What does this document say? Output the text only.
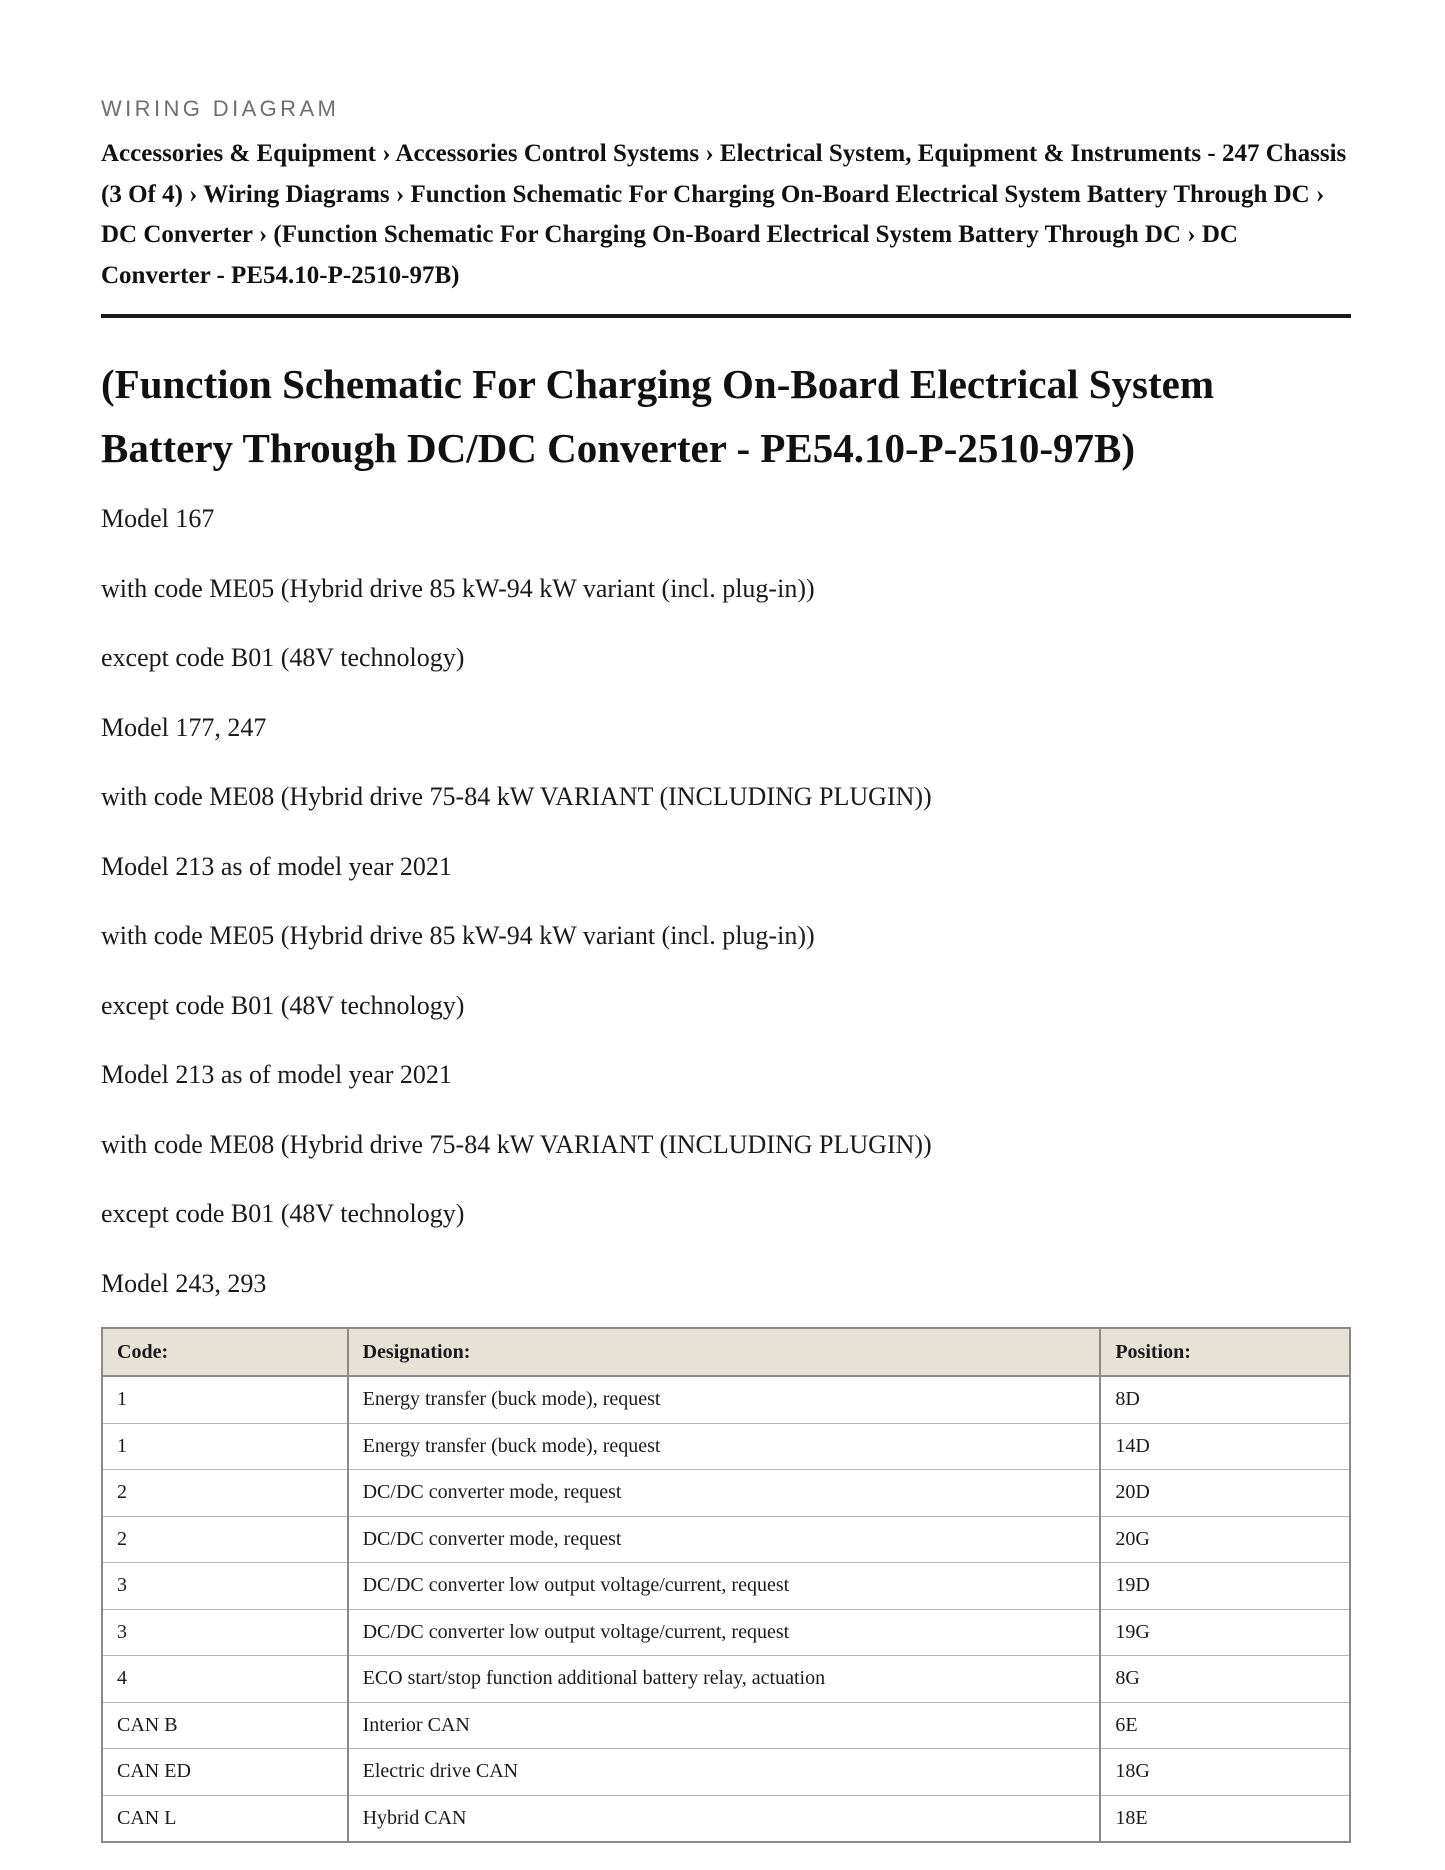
WIRING DIAGRAM
Accessories & Equipment › Accessories Control Systems › Electrical System, Equipment & Instruments - 247 Chassis (3 Of 4) › Wiring Diagrams › Function Schematic For Charging On-Board Electrical System Battery Through DC › DC Converter › (Function Schematic For Charging On-Board Electrical System Battery Through DC › DC Converter - PE54.10-P-2510-97B)
(Function Schematic For Charging On-Board Electrical System Battery Through DC/DC Converter - PE54.10-P-2510-97B)

Model 167

with code ME05 (Hybrid drive 85 kW-94 kW variant (incl. plug-in))

except code B01 (48V technology)

Model 177, 247

with code ME08 (Hybrid drive 75-84 kW VARIANT (INCLUDING PLUGIN))

Model 213 as of model year 2021

with code ME05 (Hybrid drive 85 kW-94 kW variant (incl. plug-in))

except code B01 (48V technology)

Model 213 as of model year 2021

with code ME08 (Hybrid drive 75-84 kW VARIANT (INCLUDING PLUGIN))

except code B01 (48V technology)

Model 243, 293

Code:	Designation:	Position:
1	Energy transfer (buck mode), request	8D
1	Energy transfer (buck mode), request	14D
2	DC/DC converter mode, request	20D
2	DC/DC converter mode, request	20G
3	DC/DC converter low output voltage/current, request	19D
3	DC/DC converter low output voltage/current, request	19G
4	ECO start/stop function additional battery relay, actuation	8G
CAN B	Interior CAN	6E
CAN ED	Electric drive CAN	18G
CAN L	Hybrid CAN	18E
